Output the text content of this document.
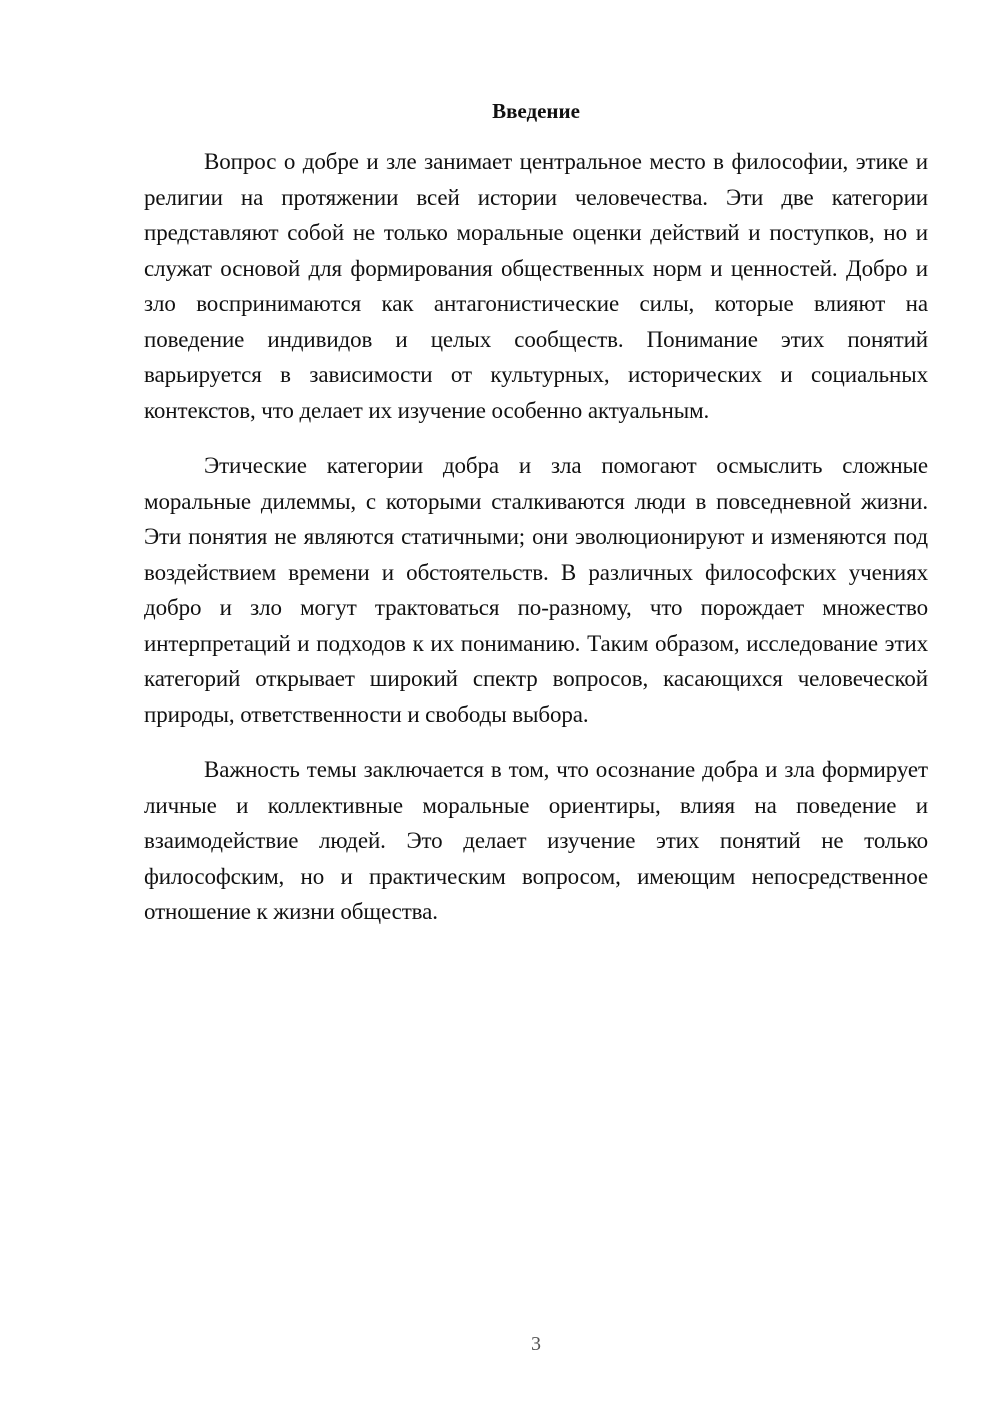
Введение

Вопрос о добре и зле занимает центральное место в философии, этике и религии на протяжении всей истории человечества. Эти две категории представляют собой не только моральные оценки действий и поступков, но и служат основой для формирования общественных норм и ценностей. Добро и зло воспринимаются как антагонистические силы, которые влияют на поведение индивидов и целых сообществ. Понимание этих понятий варьируется в зависимости от культурных, исторических и социальных контекстов, что делает их изучение особенно актуальным.

Этические категории добра и зла помогают осмыслить сложные моральные дилеммы, с которыми сталкиваются люди в повседневной жизни. Эти понятия не являются статичными; они эволюционируют и изменяются под воздействием времени и обстоятельств. В различных философских учениях добро и зло могут трактоваться по-разному, что порождает множество интерпретаций и подходов к их пониманию. Таким образом, исследование этих категорий открывает широкий спектр вопросов, касающихся человеческой природы, ответственности и свободы выбора.

Важность темы заключается в том, что осознание добра и зла формирует личные и коллективные моральные ориентиры, влияя на поведение и взаимодействие людей. Это делает изучение этих понятий не только философским, но и практическим вопросом, имеющим непосредственное отношение к жизни общества.

3
